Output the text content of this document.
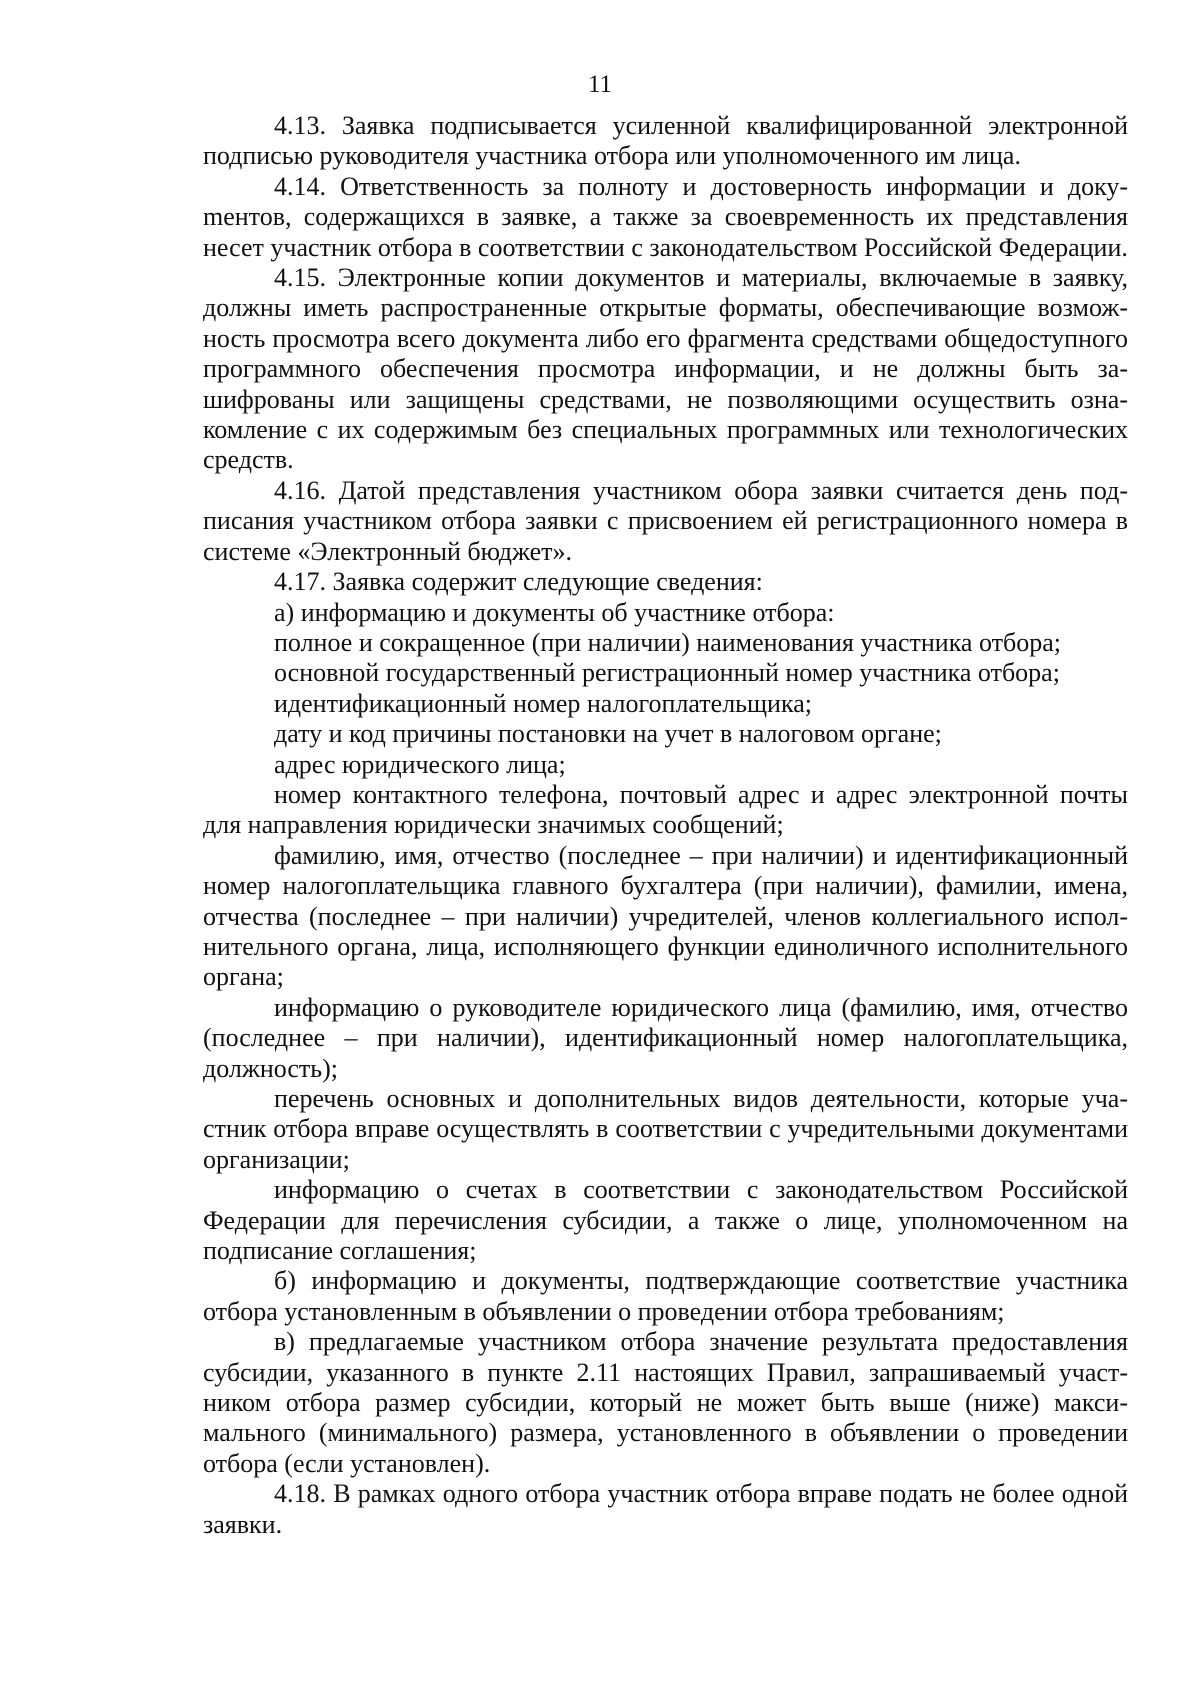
11

4.13. Заявка подписывается усиленной квалифицированной электронной подписью руководителя участника отбора или уполномоченного им лица.

4.14. Ответственность за полноту и достоверность информации и докуmентов, содержащихся в заявке, а также за своевременность их представления несет участник отбора в соответствии с законодательством Российской Федерации.

4.15. Электронные копии документов и материалы, включаемые в заявку, должны иметь распространенные открытые форматы, обеспечивающие возможность просмотра всего документа либо его фрагмента средствами общедоступного программного обеспечения просмотра информации, и не должны быть зашифрованы или защищены средствами, не позволяющими осуществить ознакомление с их содержимым без специальных программных или технологических средств.

4.16. Датой представления участником обора заявки считается день подписания участником отбора заявки с присвоением ей регистрационного номера в системе «Электронный бюджет».

4.17. Заявка содержит следующие сведения:

а) информацию и документы об участнике отбора:

полное и сокращенное (при наличии) наименования участника отбора;

основной государственный регистрационный номер участника отбора;

идентификационный номер налогоплательщика;

дату и код причины постановки на учет в налоговом органе;

адрес юридического лица;

номер контактного телефона, почтовый адрес и адрес электронной почты для направления юридически значимых сообщений;

фамилию, имя, отчество (последнее – при наличии) и идентификационный номер налогоплательщика главного бухгалтера (при наличии), фамилии, имена, отчества (последнее – при наличии) учредителей, членов коллегиального исполнительного органа, лица, исполняющего функции единоличного исполнительного органа;

информацию о руководителе юридического лица (фамилию, имя, отчество (последнее – при наличии), идентификационный номер налогоплательщика, должность);

перечень основных и дополнительных видов деятельности, которые участник отбора вправе осуществлять в соответствии с учредительными документами организации;

информацию о счетах в соответствии с законодательством Российской Федерации для перечисления субсидии, а также о лице, уполномоченном на подписание соглашения;

б) информацию и документы, подтверждающие соответствие участника отбора установленным в объявлении о проведении отбора требованиям;

в) предлагаемые участником отбора значение результата предоставления субсидии, указанного в пункте 2.11 настоящих Правил, запрашиваемый участником отбора размер субсидии, который не может быть выше (ниже) максимального (минимального) размера, установленного в объявлении о проведении отбора (если установлен).

4.18. В рамках одного отбора участник отбора вправе подать не более одной заявки.
